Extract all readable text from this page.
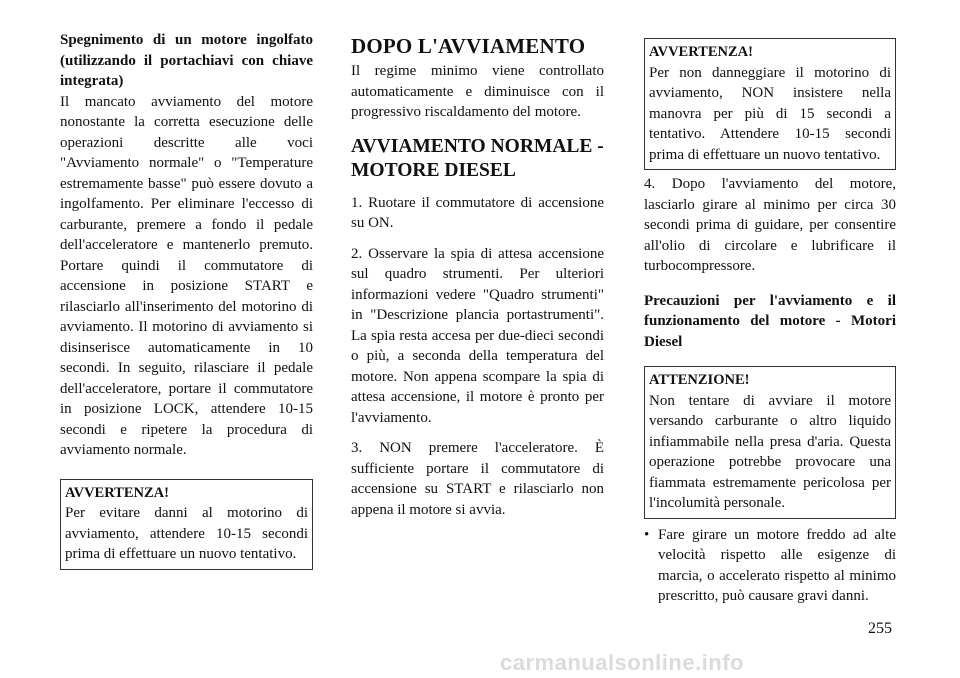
Spegnimento di un motore ingolfato (utilizzando il portachiavi con chiave integrata)

Il mancato avviamento del motore nonostante la corretta esecuzione delle operazioni descritte alle voci "Avviamento normale" o "Temperature estremamente basse" può essere dovuto a ingolfamento. Per eliminare l'eccesso di carburante, premere a fondo il pedale dell'acceleratore e mantenerlo premuto. Portare quindi il commutatore di accensione in posizione START e rilasciarlo all'inserimento del motorino di avviamento. Il motorino di avviamento si disinserisce automaticamente in 10 secondi. In seguito, rilasciare il pedale dell'acceleratore, portare il commutatore in posizione LOCK, attendere 10-15 secondi e ripetere la procedura di avviamento normale.

AVVERTENZA!

Per evitare danni al motorino di avviamento, attendere 10-15 secondi prima di effettuare un nuovo tentativo.

DOPO L'AVVIAMENTO

Il regime minimo viene controllato automaticamente e diminuisce con il progressivo riscaldamento del motore.

AVVIAMENTO NORMALE - MOTORE DIESEL

1. Ruotare il commutatore di accensione su ON.

2. Osservare la spia di attesa accensione sul quadro strumenti. Per ulteriori informazioni vedere "Quadro strumenti" in "Descrizione plancia portastrumenti". La spia resta accesa per due-dieci secondi o più, a seconda della temperatura del motore. Non appena scompare la spia di attesa accensione, il motore è pronto per l'avviamento.

3. NON premere l'acceleratore. È sufficiente portare il commutatore di accensione su START e rilasciarlo non appena il motore si avvia.

AVVERTENZA!

Per non danneggiare il motorino di avviamento, NON insistere nella manovra per più di 15 secondi a tentativo. Attendere 10-15 secondi prima di effettuare un nuovo tentativo.

4. Dopo l'avviamento del motore, lasciarlo girare al minimo per circa 30 secondi prima di guidare, per consentire all'olio di circolare e lubrificare il turbocompressore.

Precauzioni per l'avviamento e il funzionamento del motore - Motori Diesel

ATTENZIONE!

Non tentare di avviare il motore versando carburante o altro liquido infiammabile nella presa d'aria. Questa operazione potrebbe provocare una fiammata estremamente pericolosa per l'incolumità personale.

• Fare girare un motore freddo ad alte velocità rispetto alle esigenze di marcia, o accelerato rispetto al minimo prescritto, può causare gravi danni.
255
carmanualsonline.info
